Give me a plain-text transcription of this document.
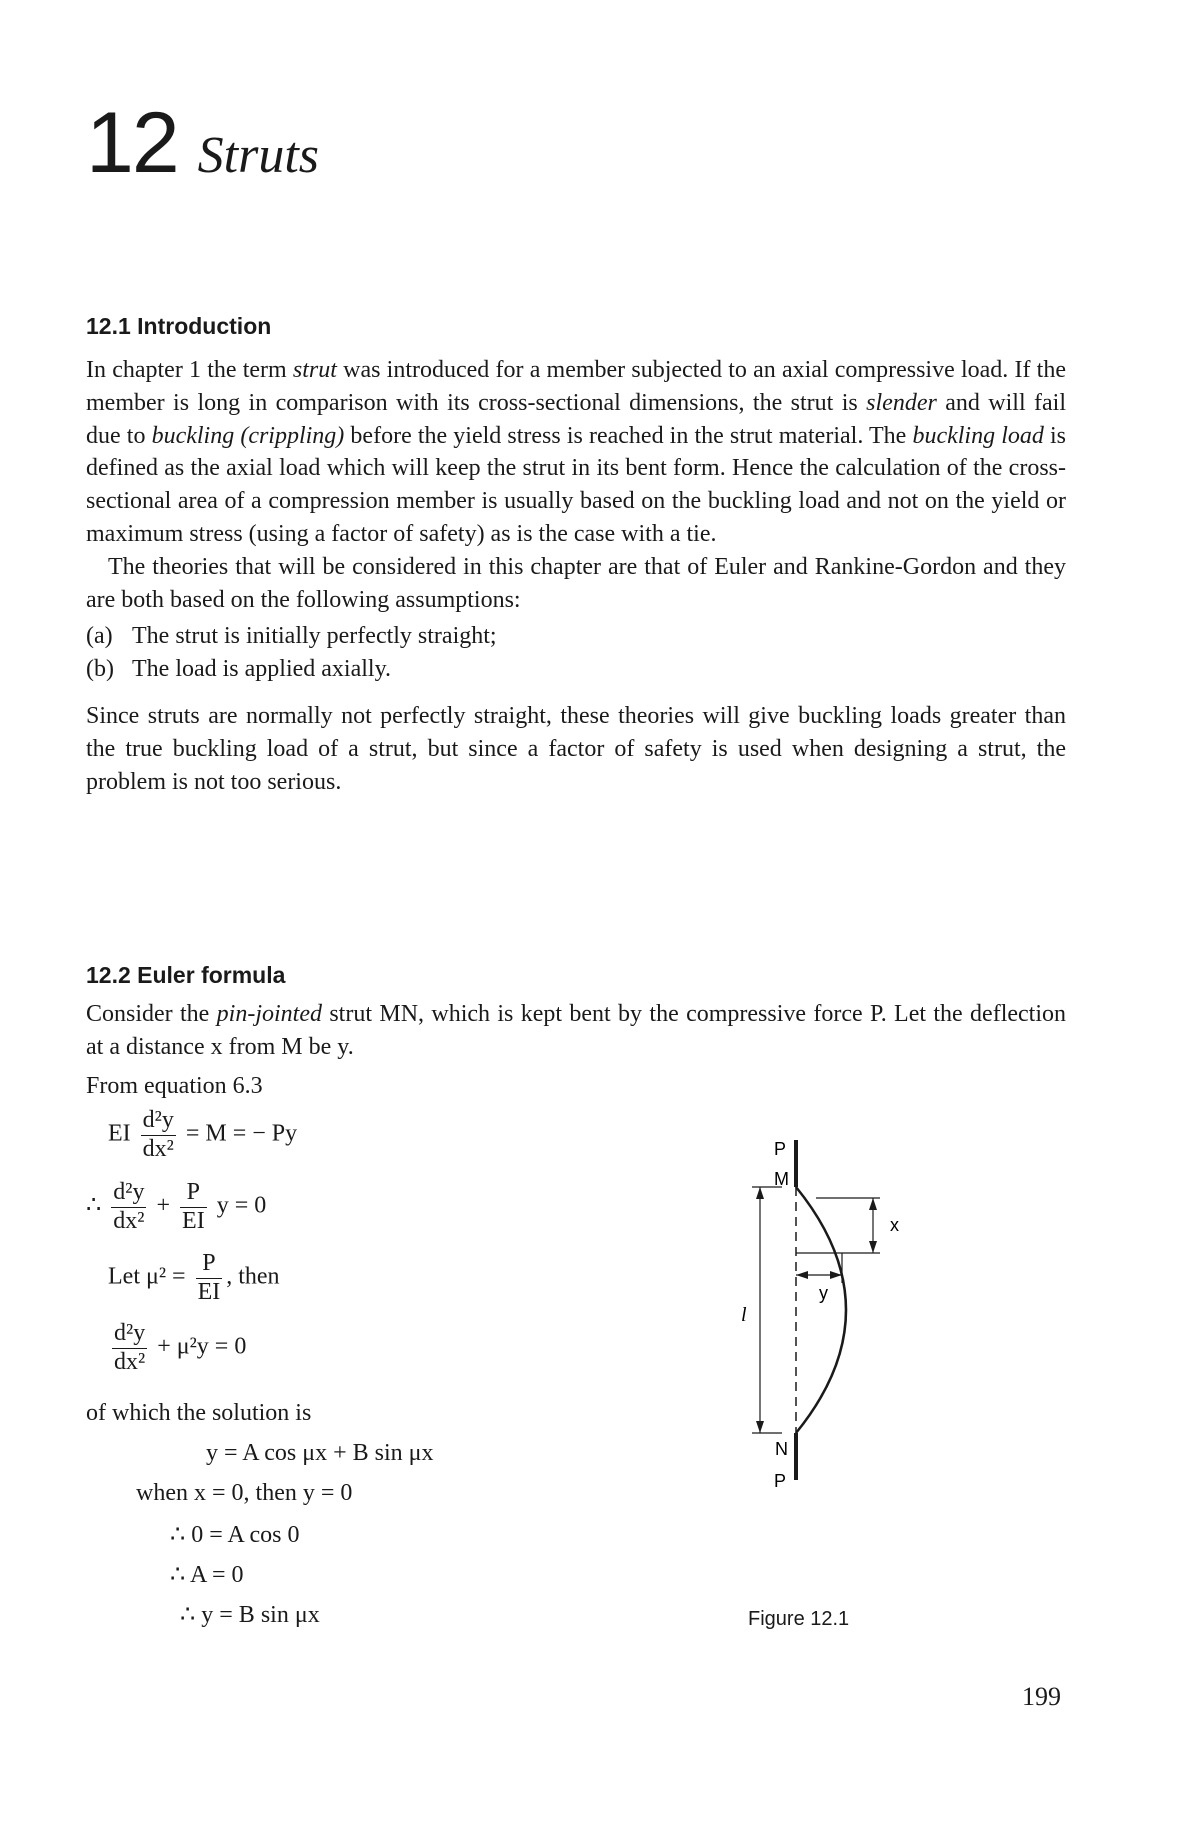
12 Struts
12.1 Introduction

In chapter 1 the term strut was introduced for a member subjected to an axial compressive load. If the member is long in comparison with its cross-sectional dimensions, the strut is slender and will fail due to buckling (crippling) before the yield stress is reached in the strut material. The buckling load is defined as the axial load which will keep the strut in its bent form. Hence the calculation of the cross-sectional area of a compression member is usually based on the buckling load and not on the yield or maximum stress (using a factor of safety) as is the case with a tie.

The theories that will be considered in this chapter are that of Euler and Rankine-Gordon and they are both based on the following assumptions:

(a) The strut is initially perfectly straight;
(b) The load is applied axially.

Since struts are normally not perfectly straight, these theories will give buckling loads greater than the true buckling load of a strut, but since a factor of safety is used when designing a strut, the problem is not too serious.

12.2 Euler formula

Consider the pin-jointed strut MN, which is kept bent by the compressive force P. Let the deflection at a distance x from M be y.

From equation 6.3

EI $\frac{\text{d²y}}{\text{dx²}} = M$ = − Py
∴ $\frac{\text{d²y}}{\text{dx²}} + \frac{P}{EI}$ y = 0
Let $\mu^2 = \frac{P}{EI}$ , then
$\frac{\text{d²y}}{\text{dx²}} + \mu^2y = 0$
of which the solution is
y = A cos μx + B sin μx
when x = 0, then y = 0
∴ 0 = A cos 0
∴ A = 0
∴ y = B sin μx
P
M
x
y
l
N
P
Figure 12.1
199
